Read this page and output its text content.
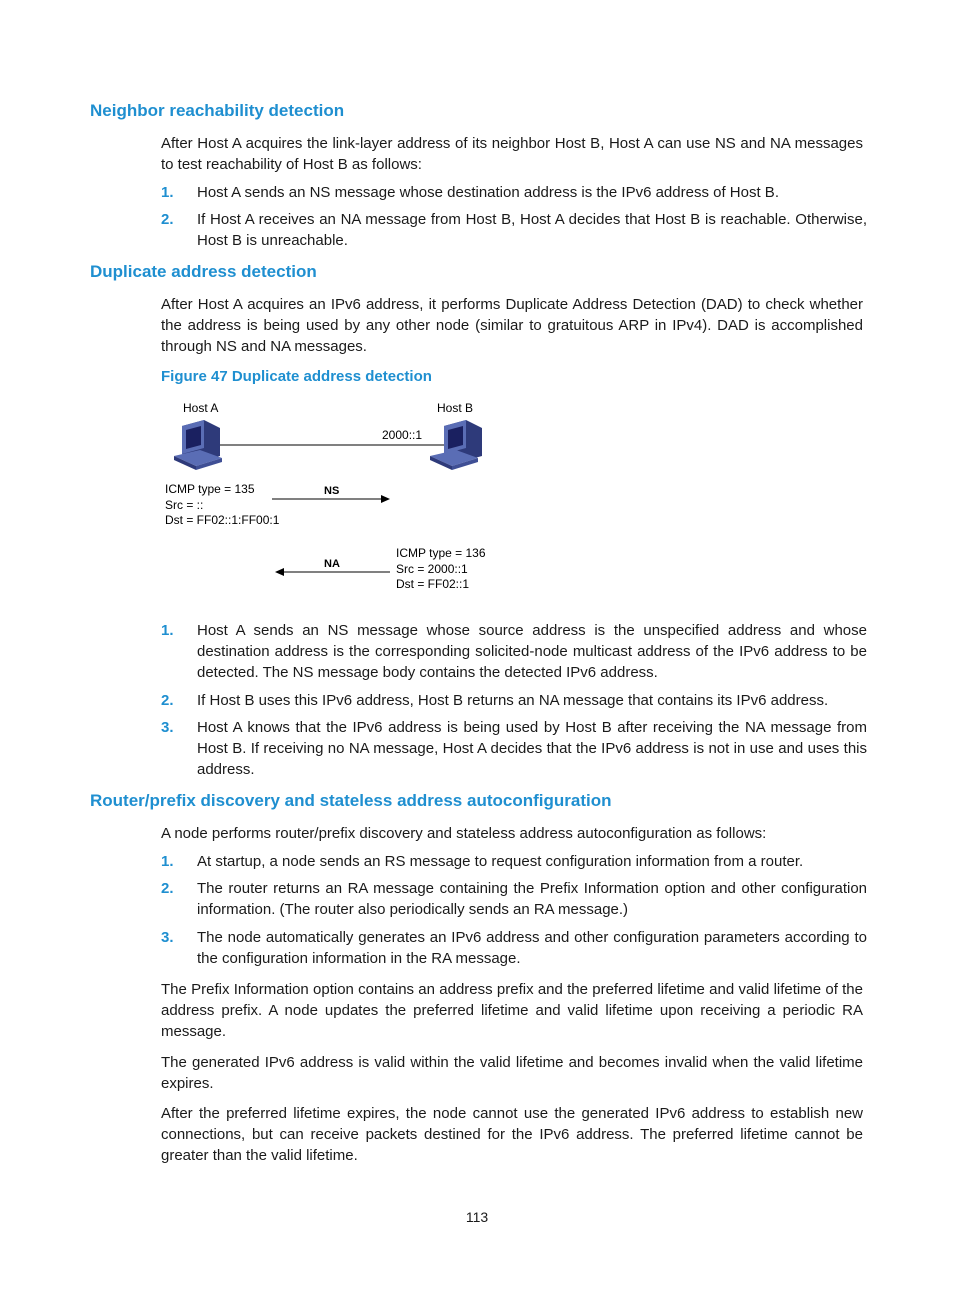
Neighbor reachability detection

After Host A acquires the link-layer address of its neighbor Host B, Host A can use NS and NA messages to test reachability of Host B as follows:

1. Host A sends an NS message whose destination address is the IPv6 address of Host B.
2. If Host A receives an NA message from Host B, Host A decides that Host B is reachable. Otherwise, Host B is unreachable.
Duplicate address detection

After Host A acquires an IPv6 address, it performs Duplicate Address Detection (DAD) to check whether the address is being used by any other node (similar to gratuitous ARP in IPv4). DAD is accomplished through NS and NA messages.

Figure 47 Duplicate address detection

Host A	Host B
2000::1
ICMP type = 135
Src = ::
Dst = FF02::1:FF00:1
NS
ICMP type = 136
Src = 2000::1
Dst = FF02::1
NA
1. Host A sends an NS message whose source address is the unspecified address and whose destination address is the corresponding solicited-node multicast address of the IPv6 address to be detected. The NS message body contains the detected IPv6 address.
2. If Host B uses this IPv6 address, Host B returns an NA message that contains its IPv6 address.
3. Host A knows that the IPv6 address is being used by Host B after receiving the NA message from Host B. If receiving no NA message, Host A decides that the IPv6 address is not in use and uses this address.
Router/prefix discovery and stateless address autoconfiguration

A node performs router/prefix discovery and stateless address autoconfiguration as follows:

1. At startup, a node sends an RS message to request configuration information from a router.
2. The router returns an RA message containing the Prefix Information option and other configuration information. (The router also periodically sends an RA message.)
3. The node automatically generates an IPv6 address and other configuration parameters according to the configuration information in the RA message.

The Prefix Information option contains an address prefix and the preferred lifetime and valid lifetime of the address prefix. A node updates the preferred lifetime and valid lifetime upon receiving a periodic RA message.

The generated IPv6 address is valid within the valid lifetime and becomes invalid when the valid lifetime expires.

After the preferred lifetime expires, the node cannot use the generated IPv6 address to establish new connections, but can receive packets destined for the IPv6 address. The preferred lifetime cannot be greater than the valid lifetime.

113
